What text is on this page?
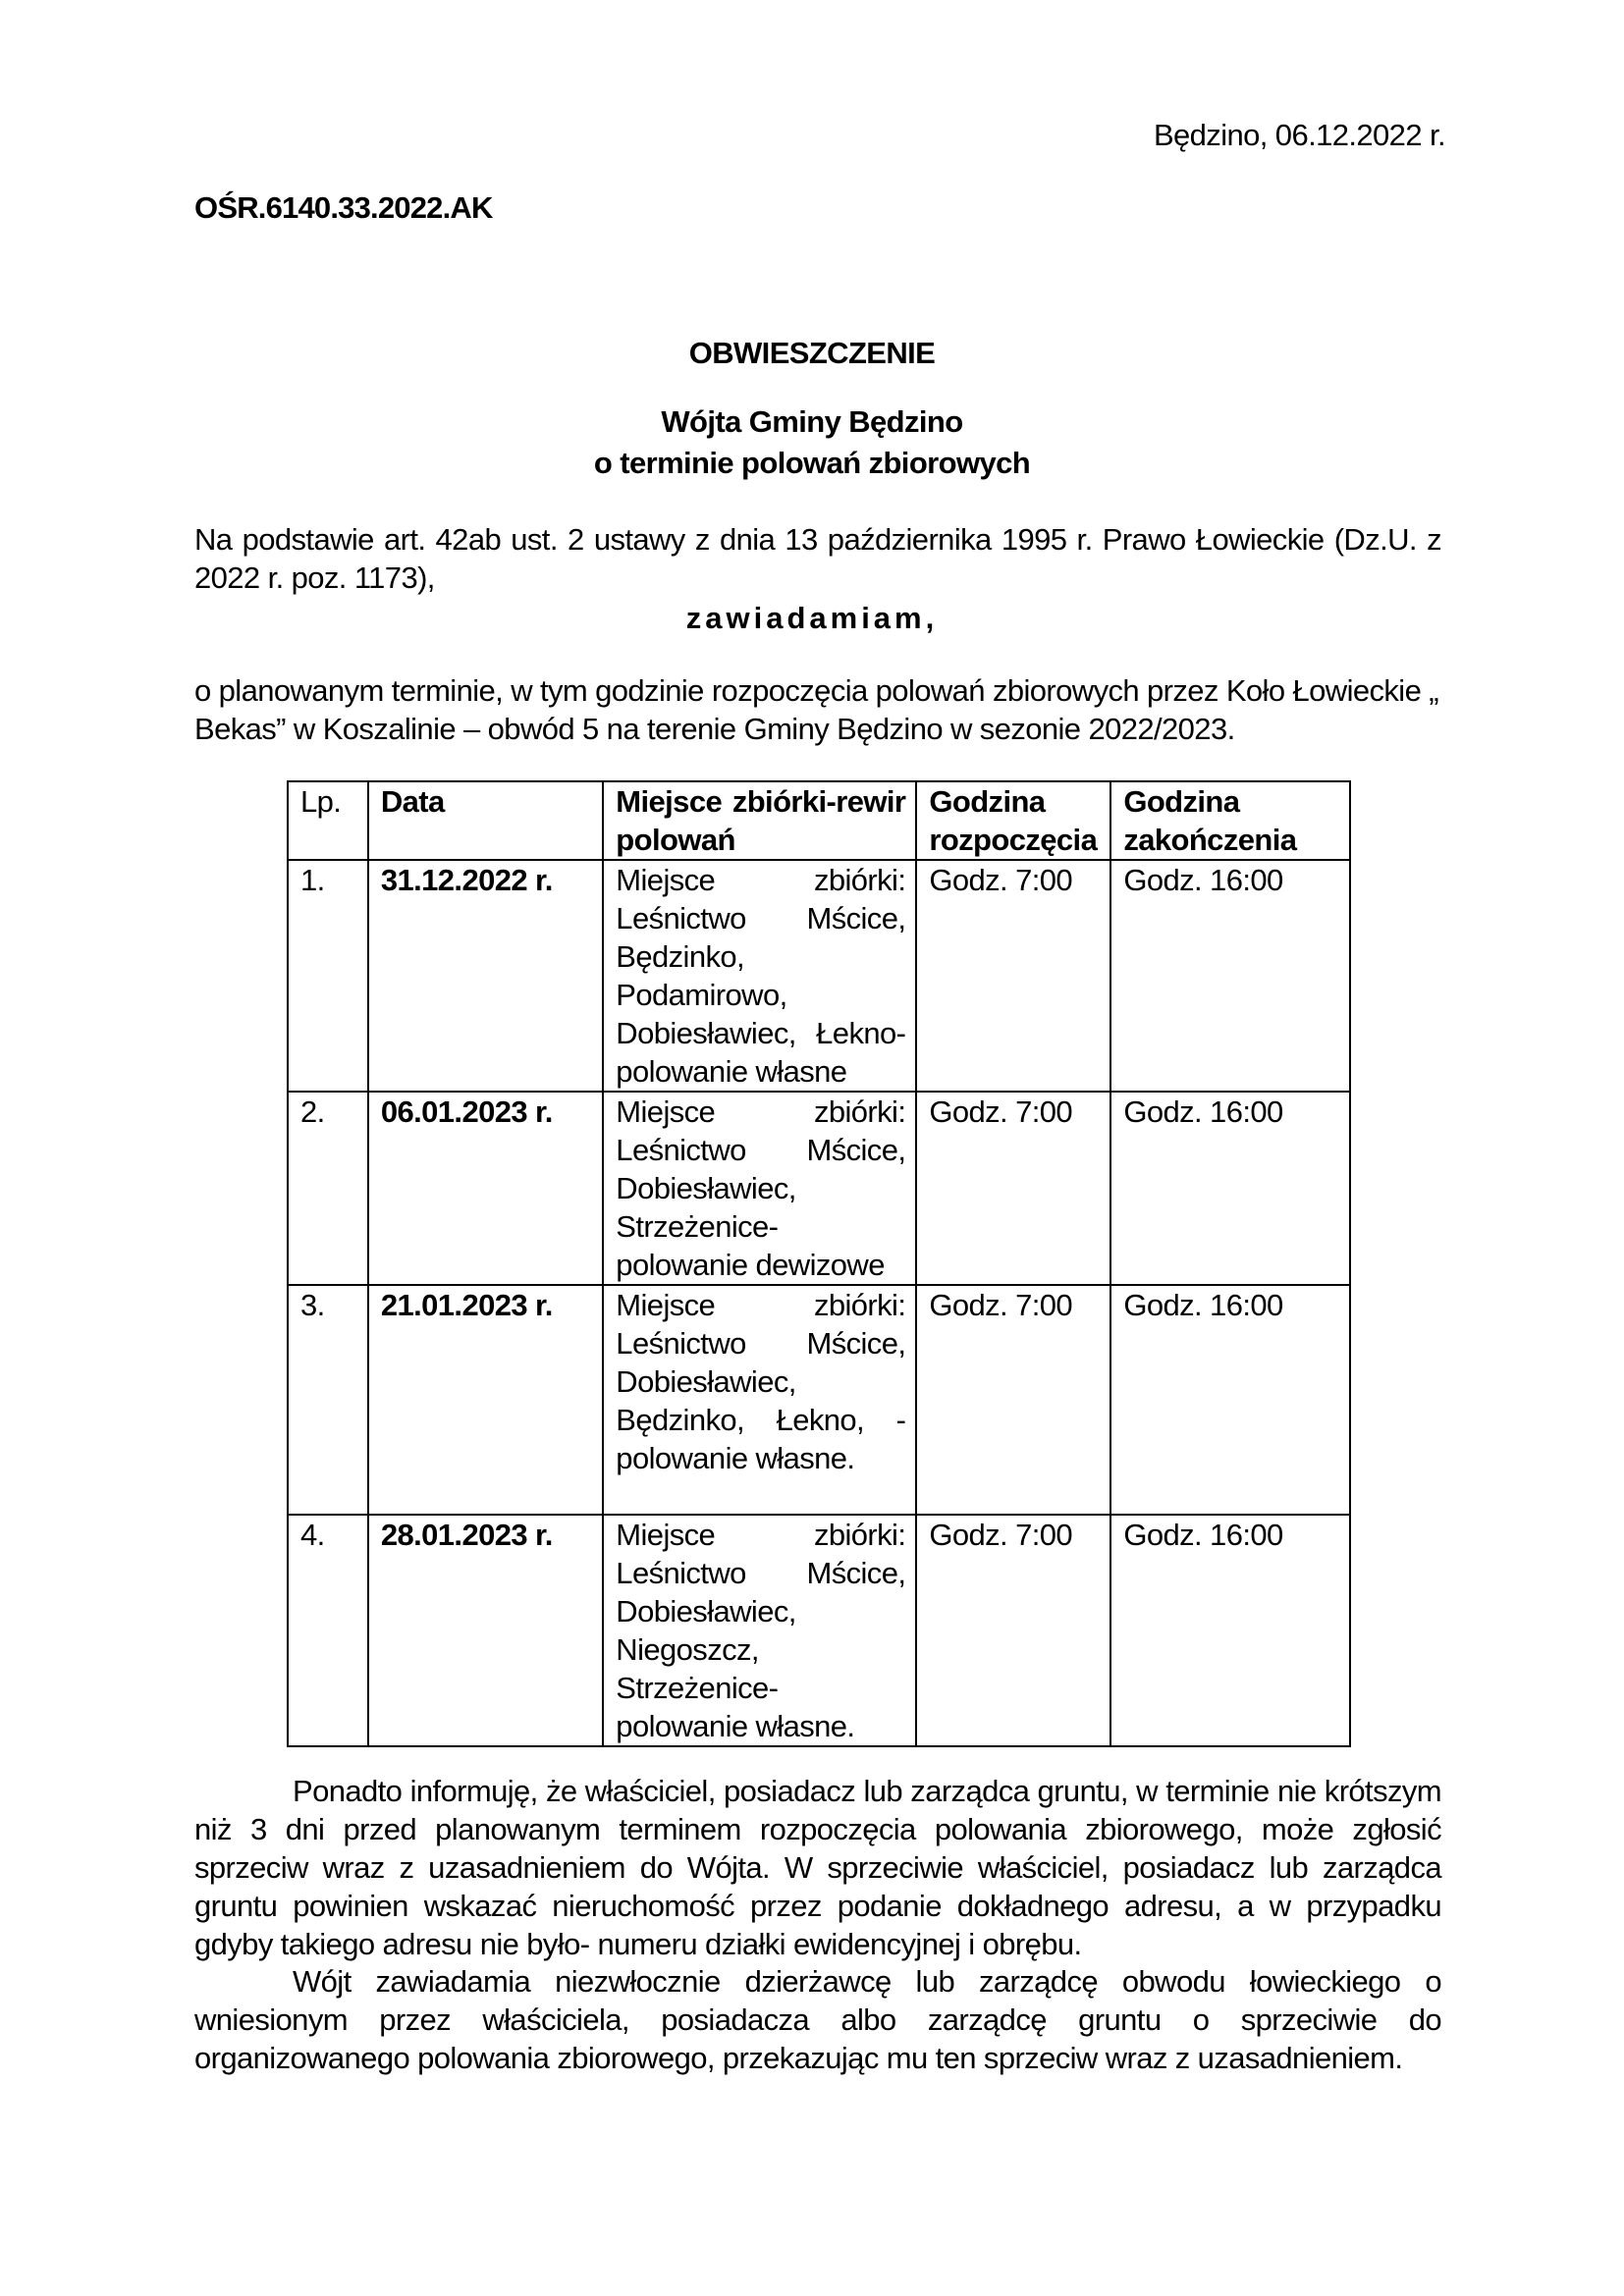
Będzino, 06.12.2022 r.
OŚR.6140.33.2022.AK
OBWIESZCZENIE
Wójta Gminy Będzino
o terminie polowań zbiorowych
Na podstawie art. 42ab ust. 2 ustawy z dnia 13 października 1995 r. Prawo Łowieckie (Dz.U. z 2022 r. poz. 1173),
zawiadamiam,
o planowanym terminie, w tym godzinie rozpoczęcia polowań zbiorowych przez Koło Łowieckie „ Bekas” w Koszalinie – obwód 5 na terenie Gminy Będzino w sezonie 2022/2023.
Lp.	Data	Miejsce zbiórki-rewir polowań	Godzina rozpoczęcia	Godzina zakończenia
1.	31.12.2022 r.	Miejsce zbiórki: Leśnictwo Mścice, Będzinko, Podamirowo, Dobiesławiec, Łekno- polowanie własne	Godz. 7:00	Godz. 16:00
2.	06.01.2023 r.	Miejsce zbiórki: Leśnictwo Mścice, Dobiesławiec, Strzeżenice- polowanie dewizowe	Godz. 7:00	Godz. 16:00
3.	21.01.2023 r.	Miejsce zbiórki: Leśnictwo Mścice, Dobiesławiec, Będzinko, Łekno, - polowanie własne.	Godz. 7:00	Godz. 16:00
4.	28.01.2023 r.	Miejsce zbiórki: Leśnictwo Mścice, Dobiesławiec, Niegoszcz, Strzeżenice-polowanie własne.	Godz. 7:00	Godz. 16:00
Ponadto informuję, że właściciel, posiadacz lub zarządca gruntu, w terminie nie krótszym niż 3 dni przed planowanym terminem rozpoczęcia polowania zbiorowego, może zgłosić sprzeciw wraz z uzasadnieniem do Wójta. W sprzeciwie właściciel, posiadacz lub zarządca gruntu powinien wskazać nieruchomość przez podanie dokładnego adresu, a w przypadku gdyby takiego adresu nie było- numeru działki ewidencyjnej i obrębu.
Wójt zawiadamia niezwłocznie dzierżawcę lub zarządcę obwodu łowieckiego o wniesionym przez właściciela, posiadacza albo zarządcę gruntu o sprzeciwie do organizowanego polowania zbiorowego, przekazując mu ten sprzeciw wraz z uzasadnieniem.
